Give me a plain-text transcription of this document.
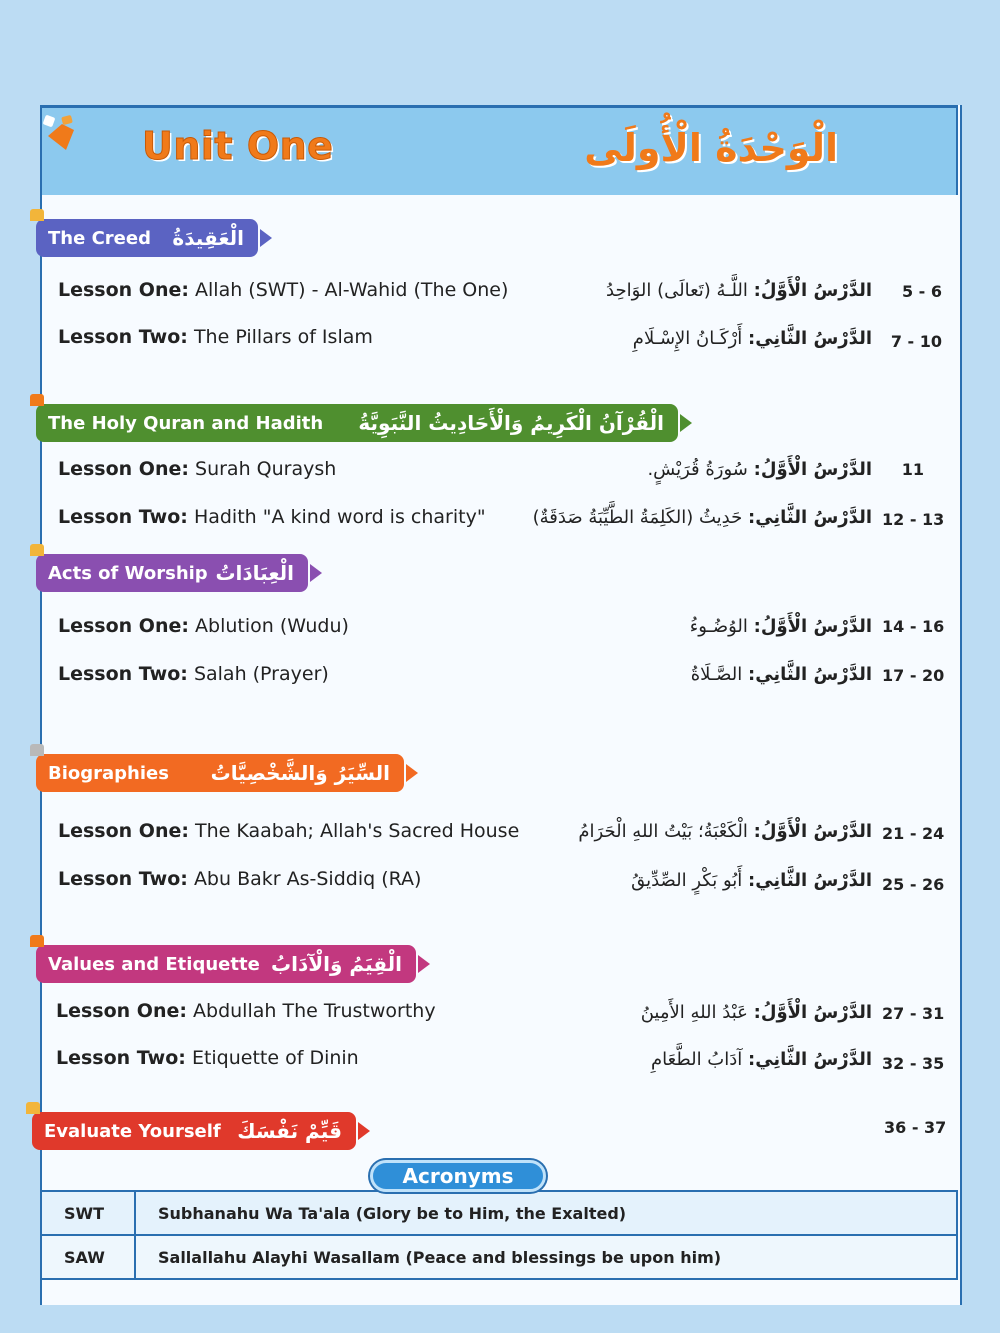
Unit One	الْوَحْدَةُ الْأُولَى
The Creed الْعَقِيدَةُ
Lesson One: Allah (SWT) - Al-Wahid (The One)	الدَّرْسُ الْأَوَّلُ: اللَّـهُ (تَعالَى) الوَاحِدُ	5 - 6
Lesson Two: The Pillars of Islam	الدَّرْسُ الثَّانِي: أَرْكَـانُ الإِسْـلَامِ	7 - 10
The Holy Quran and Hadith الْقُرْآنُ الْكَرِيمُ وَالْأَحَادِيثُ النَّبَوِيَّةُ
Lesson One: Surah Quraysh	الدَّرْسُ الْأَوَّلُ: سُورَةُ قُرَيْشٍ.	11
Lesson Two: Hadith "A kind word is charity"	الدَّرْسُ الثَّانِي: حَدِيثُ (الكَلِمَةُ الطَّيِّبَةُ صَدَقَةٌ)	12 - 13
Acts of Worship الْعِبَادَاتُ
Lesson One: Ablution (Wudu)	الدَّرْسُ الْأَوَّلُ: الوُضُـوءُ	14 - 16
Lesson Two: Salah (Prayer)	الدَّرْسُ الثَّانِي: الصَّـلَاةُ	17 - 20
Biographies السِّيَرُ وَالشَّخْصِيَّاتُ
Lesson One: The Kaabah; Allah's Sacred House	الدَّرْسُ الْأَوَّلُ: الْكَعْبَةُ؛ بَيْتُ اللهِ الْحَرَامُ	21 - 24
Lesson Two: Abu Bakr As-Siddiq (RA)	الدَّرْسُ الثَّانِي: أَبُو بَكْرٍ الصِّدِّيقُ	25 - 26
Values and Etiquette الْقِيَمُ وَالْآدَابُ
Lesson One: Abdullah The Trustworthy	الدَّرْسُ الْأَوَّلُ: عَبْدُ اللهِ الأَمِينُ	27 - 31
Lesson Two: Etiquette of Dinin	الدَّرْسُ الثَّانِي: آدَابُ الطَّعَامِ	32 - 35
Evaluate Yourself قَيِّمْ نَفْسَكَ	36 - 37
SWT	Subhanahu Wa Ta'ala (Glory be to Him, the Exalted)
SAW	Sallallahu Alayhi Wasallam (Peace and blessings be upon him)
Acronyms
